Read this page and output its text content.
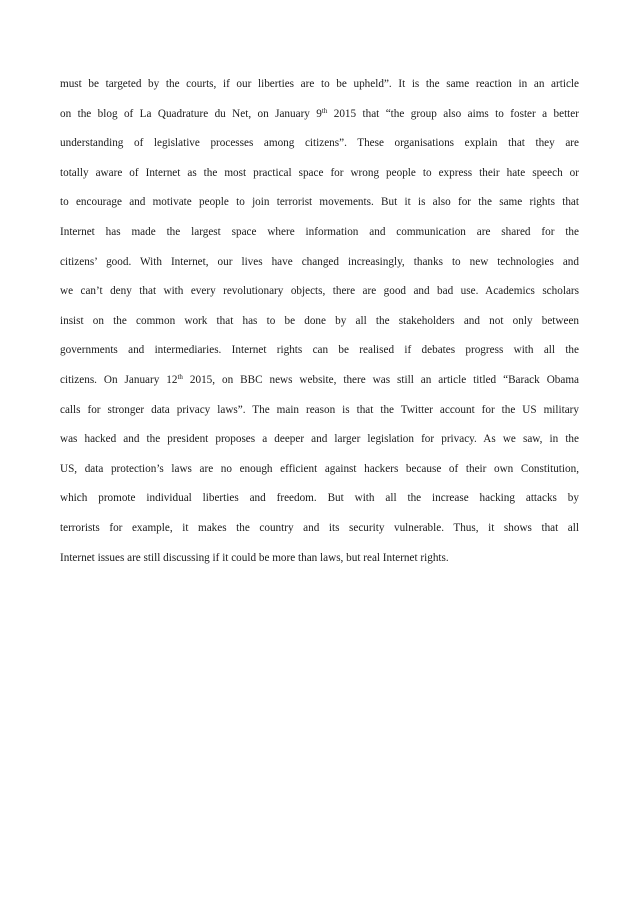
must be targeted by the courts, if our liberties are to be upheld”. It is the same reaction in an article
on the blog of La Quadrature du Net, on January 9th 2015 that “the group also aims to foster a better
understanding of legislative processes among citizens”. These organisations explain that they are
totally aware of Internet as the most practical space for wrong people to express their hate speech or
to encourage and motivate people to join terrorist movements. But it is also for the same rights that
Internet has made the largest space where information and communication are shared for the
citizens’ good. With Internet, our lives have changed increasingly, thanks to new technologies and
we can’t deny that with every revolutionary objects, there are good and bad use. Academics scholars
insist on the common work that has to be done by all the stakeholders and not only between
governments and intermediaries. Internet rights can be realised if debates progress with all the
citizens. On January 12th 2015, on BBC news website, there was still an article titled “Barack Obama
calls for stronger data privacy laws”. The main reason is that the Twitter account for the US military
was hacked and the president proposes a deeper and larger legislation for privacy. As we saw, in the
US, data protection’s laws are no enough efficient against hackers because of their own Constitution,
which promote individual liberties and freedom. But with all the increase hacking attacks by
terrorists for example, it makes the country and its security vulnerable. Thus, it shows that all
Internet issues are still discussing if it could be more than laws, but real Internet rights.
